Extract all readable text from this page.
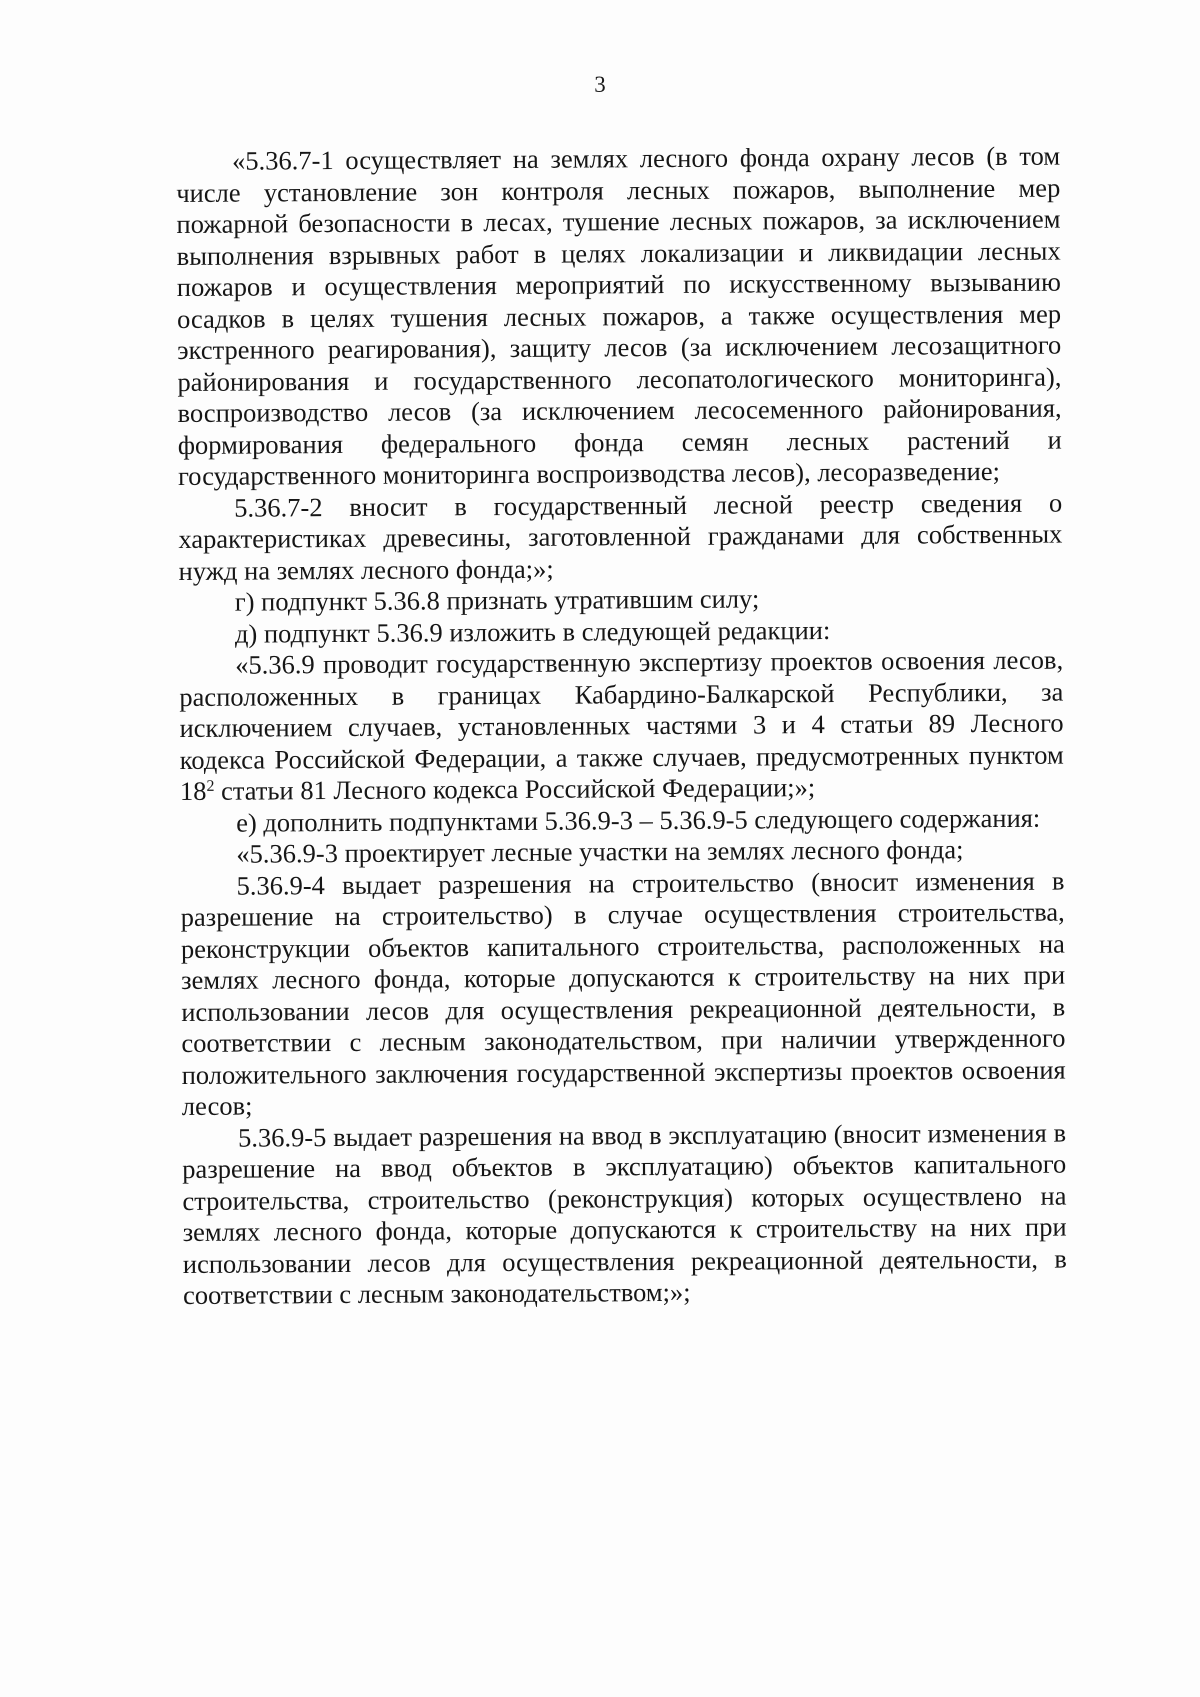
3

«5.36.7-1 осуществляет на землях лесного фонда охрану лесов (в том числе установление зон контроля лесных пожаров, выполнение мер пожарной безопасности в лесах, тушение лесных пожаров, за исключением выполнения взрывных работ в целях локализации и ликвидации лесных пожаров и осуществления мероприятий по искусственному вызыванию осадков в целях тушения лесных пожаров, а также осуществления мер экстренного реагирования), защиту лесов (за исключением лесозащитного районирования и государственного лесопатологического мониторинга), воспроизводство лесов (за исключением лесосеменного районирования, формирования федерального фонда семян лесных растений и государственного мониторинга воспроизводства лесов), лесоразведение;

5.36.7-2 вносит в государственный лесной реестр сведения о характеристиках древесины, заготовленной гражданами для собственных нужд на землях лесного фонда;»;

г) подпункт 5.36.8 признать утратившим силу;

д) подпункт 5.36.9 изложить в следующей редакции:

«5.36.9 проводит государственную экспертизу проектов освоения лесов, расположенных в границах Кабардино-Балкарской Республики, за исключением случаев, установленных частями 3 и 4 статьи 89 Лесного кодекса Российской Федерации, а также случаев, предусмотренных пунктом $18^2$ статьи 81 Лесного кодекса Российской Федерации;»;

е) дополнить подпунктами 5.36.9-3 – 5.36.9-5 следующего содержания:

«5.36.9-3 проектирует лесные участки на землях лесного фонда;

5.36.9-4 выдает разрешения на строительство (вносит изменения в разрешение на строительство) в случае осуществления строительства, реконструкции объектов капитального строительства, расположенных на землях лесного фонда, которые допускаются к строительству на них при использовании лесов для осуществления рекреационной деятельности, в соответствии с лесным законодательством, при наличии утвержденного положительного заключения государственной экспертизы проектов освоения лесов;

5.36.9-5 выдает разрешения на ввод в эксплуатацию (вносит изменения в разрешение на ввод объектов в эксплуатацию) объектов капитального строительства, строительство (реконструкция) которых осуществлено на землях лесного фонда, которые допускаются к строительству на них при использовании лесов для осуществления рекреационной деятельности, в соответствии с лесным законодательством;»;
